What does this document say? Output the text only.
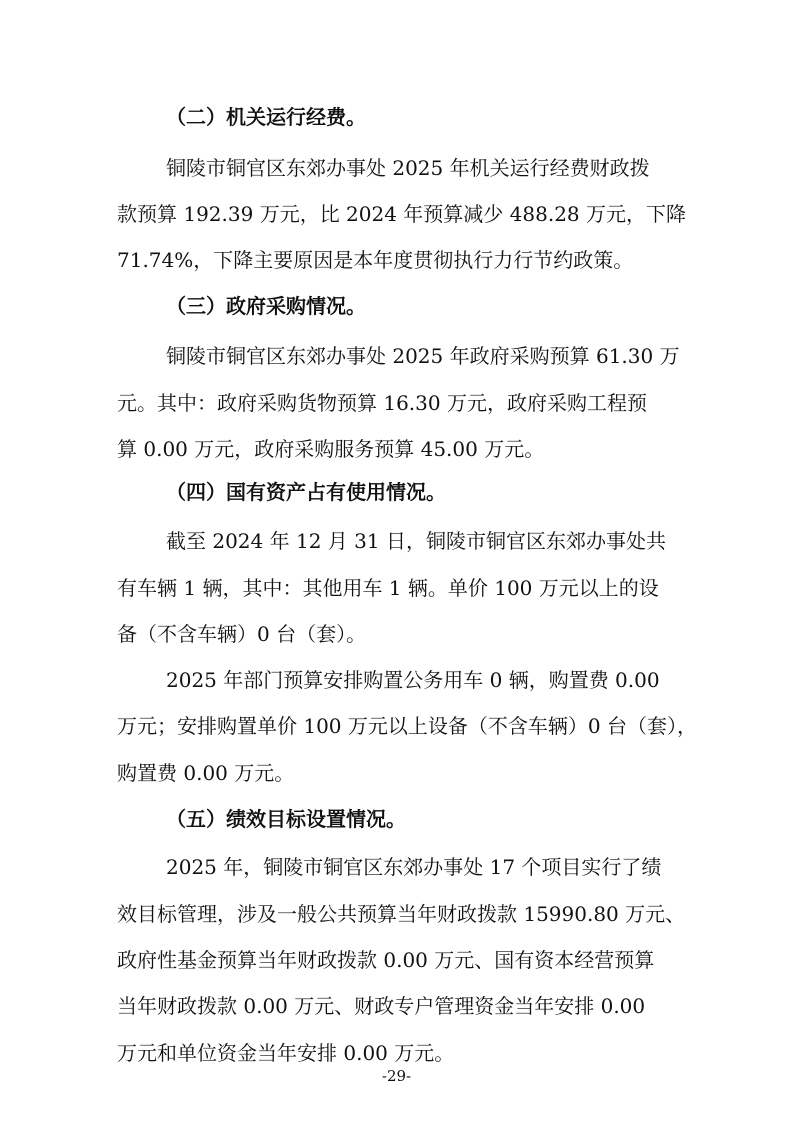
（二）机关运行经费。

铜陵市铜官区东郊办事处 2025 年机关运行经费财政拨

款预算 192.39 万元，比 2024 年预算减少 488.28 万元，下降

71.74%，下降主要原因是本年度贯彻执行力行节约政策。

（三）政府采购情况。

铜陵市铜官区东郊办事处 2025 年政府采购预算 61.30 万

元。其中：政府采购货物预算 16.30 万元，政府采购工程预

算 0.00 万元，政府采购服务预算 45.00 万元。

（四）国有资产占有使用情况。

截至 2024 年 12 月 31 日，铜陵市铜官区东郊办事处共

有车辆 1 辆，其中：其他用车 1 辆。单价 100 万元以上的设

备（不含车辆）0 台（套）。

2025 年部门预算安排购置公务用车 0 辆，购置费 0.00

万元；安排购置单价 100 万元以上设备（不含车辆）0 台（套），

购置费 0.00 万元。

（五）绩效目标设置情况。

2025 年，铜陵市铜官区东郊办事处 17 个项目实行了绩

效目标管理，涉及一般公共预算当年财政拨款 15990.80 万元、

政府性基金预算当年财政拨款 0.00 万元、国有资本经营预算

当年财政拨款 0.00 万元、财政专户管理资金当年安排 0.00

万元和单位资金当年安排 0.00 万元。

-29-
